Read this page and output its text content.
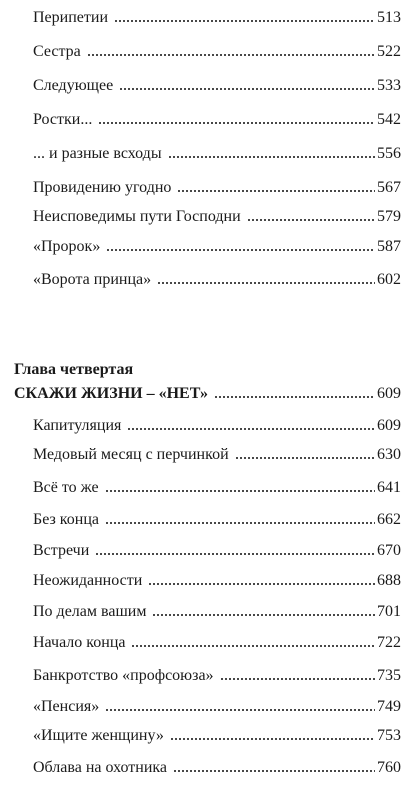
Перипетии	513
Сестра	522
Следующее	533
Ростки...	542
... и разные всходы	556
Провидению угодно	567
Неисповедимы пути Господни	579
«Пророк»	587
«Ворота принца»	602
Глава четвертая
СКАЖИ ЖИЗНИ – «НЕТ»	609
Капитуляция	609
Медовый месяц с перчинкой	630
Всё то же	641
Без конца	662
Встречи	670
Неожиданности	688
По делам вашим	701
Начало конца	722
Банкротство «профсоюза»	735
«Пенсия»	749
«Ищите женщину»	753
Облава на охотника	760
